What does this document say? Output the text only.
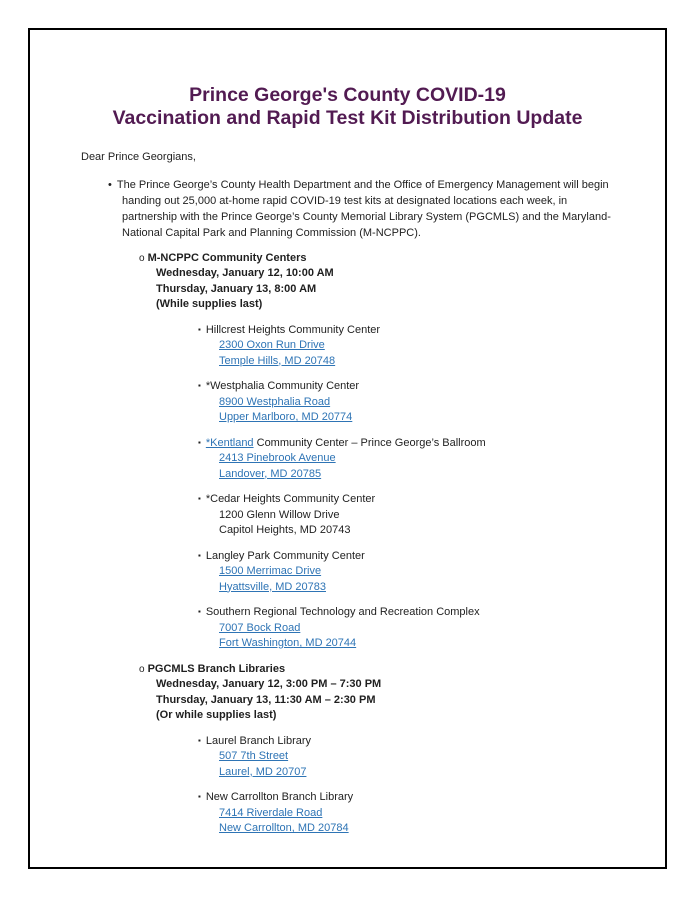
Prince George's County COVID-19
Vaccination and Rapid Test Kit Distribution Update

Dear Prince Georgians,

• The Prince George’s County Health Department and the Office of Emergency Management will begin handing out 25,000 at-home rapid COVID-19 test kits at designated locations each week, in partnership with the Prince George’s County Memorial Library System (PGCMLS) and the Maryland-National Capital Park and Planning Commission (M-NCPPC).
o M-NCPPC Community Centers
Wednesday, January 12, 10:00 AM
Thursday, January 13, 8:00 AM
(While supplies last)
▪ Hillcrest Heights Community Center
2300 Oxon Run Drive
Temple Hills, MD 20748
▪ *Westphalia Community Center
8900 Westphalia Road
Upper Marlboro, MD 20774
▪ *Kentland Community Center – Prince George’s Ballroom
2413 Pinebrook Avenue
Landover, MD 20785
▪ *Cedar Heights Community Center
1200 Glenn Willow Drive
Capitol Heights, MD 20743
▪ Langley Park Community Center
1500 Merrimac Drive
Hyattsville, MD 20783
▪ Southern Regional Technology and Recreation Complex
7007 Bock Road
Fort Washington, MD 20744
o PGCMLS Branch Libraries
Wednesday, January 12, 3:00 PM – 7:30 PM
Thursday, January 13, 11:30 AM – 2:30 PM
(Or while supplies last)
▪ Laurel Branch Library
507 7th Street
Laurel, MD 20707
▪ New Carrollton Branch Library
7414 Riverdale Road
New Carrollton, MD 20784
